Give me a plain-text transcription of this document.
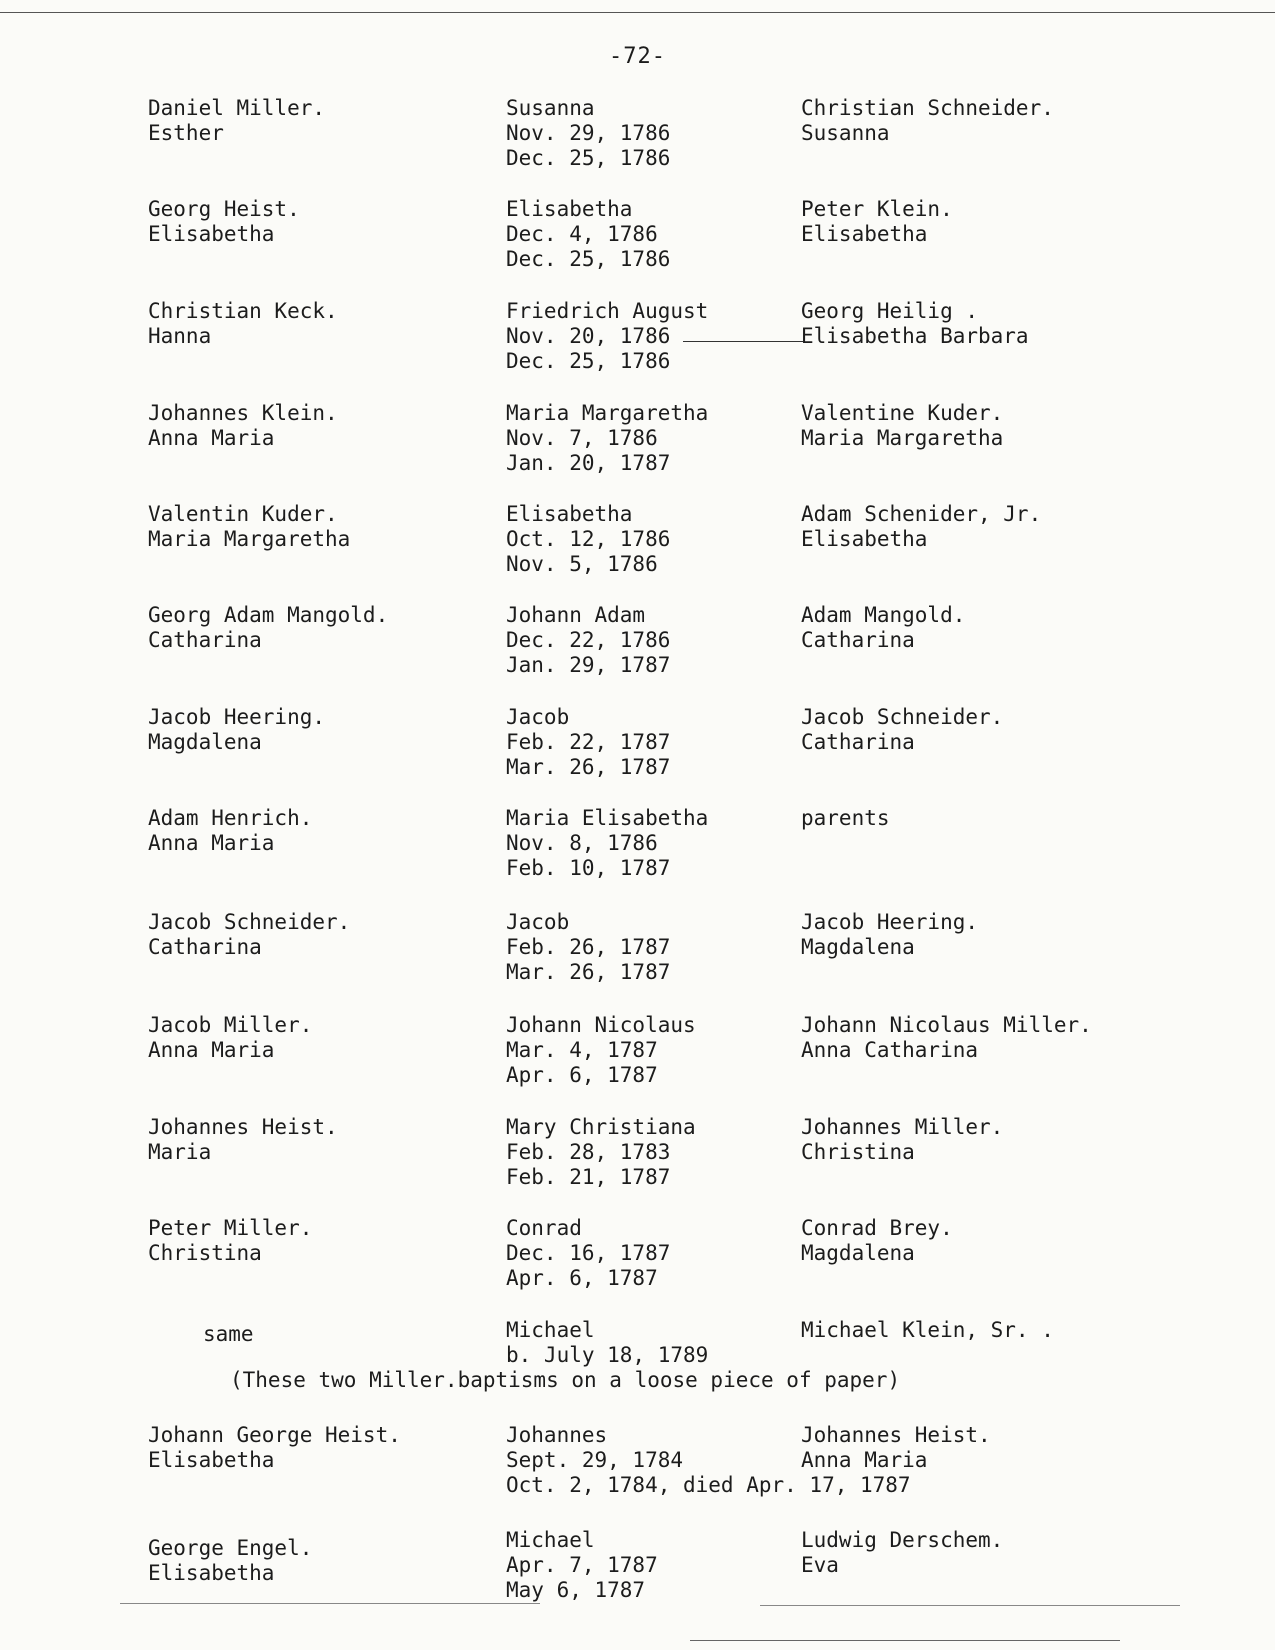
-72-
Daniel Miller.
Esther
Susanna
Nov. 29, 1786
Dec. 25, 1786
Christian Schneider.
Susanna
Georg Heist.
Elisabetha
Elisabetha
Dec. 4, 1786
Dec. 25, 1786
Peter Klein.
Elisabetha
Christian Keck.
Hanna
Friedrich August
Nov. 20, 1786
Dec. 25, 1786
Georg Heilig .
Elisabetha Barbara
Johannes Klein.
Anna Maria
Maria Margaretha
Nov. 7, 1786
Jan. 20, 1787
Valentine Kuder.
Maria Margaretha
Valentin Kuder.
Maria Margaretha
Elisabetha
Oct. 12, 1786
Nov. 5, 1786
Adam Schenider, Jr.
Elisabetha
Georg Adam Mangold.
Catharina
Johann Adam
Dec. 22, 1786
Jan. 29, 1787
Adam Mangold.
Catharina
Jacob Heering.
Magdalena
Jacob
Feb. 22, 1787
Mar. 26, 1787
Jacob Schneider.
Catharina
Adam Henrich.
Anna Maria
Maria Elisabetha
Nov. 8, 1786
Feb. 10, 1787
parents
Jacob Schneider.
Catharina
Jacob
Feb. 26, 1787
Mar. 26, 1787
Jacob Heering.
Magdalena
Jacob Miller.
Anna Maria
Johann Nicolaus
Mar. 4, 1787
Apr. 6, 1787
Johann Nicolaus Miller.
Anna Catharina
Johannes Heist.
Maria
Mary Christiana
Feb. 28, 1783
Feb. 21, 1787
Johannes Miller.
Christina
Peter Miller.
Christina
Conrad
Dec. 16, 1787
Apr. 6, 1787
Conrad Brey.
Magdalena
same	Michael
b. July 18, 1789
Michael Klein, Sr. .
(These two Miller.baptisms on a loose piece of paper)
Johann George Heist.
Elisabetha
Johannes
Sept. 29, 1784
Oct. 2, 1784, died Apr. 17, 1787
Johannes Heist.
Anna Maria
George Engel.
Elisabetha
Michael
Apr. 7, 1787
May 6, 1787
Ludwig Derschem.
Eva
